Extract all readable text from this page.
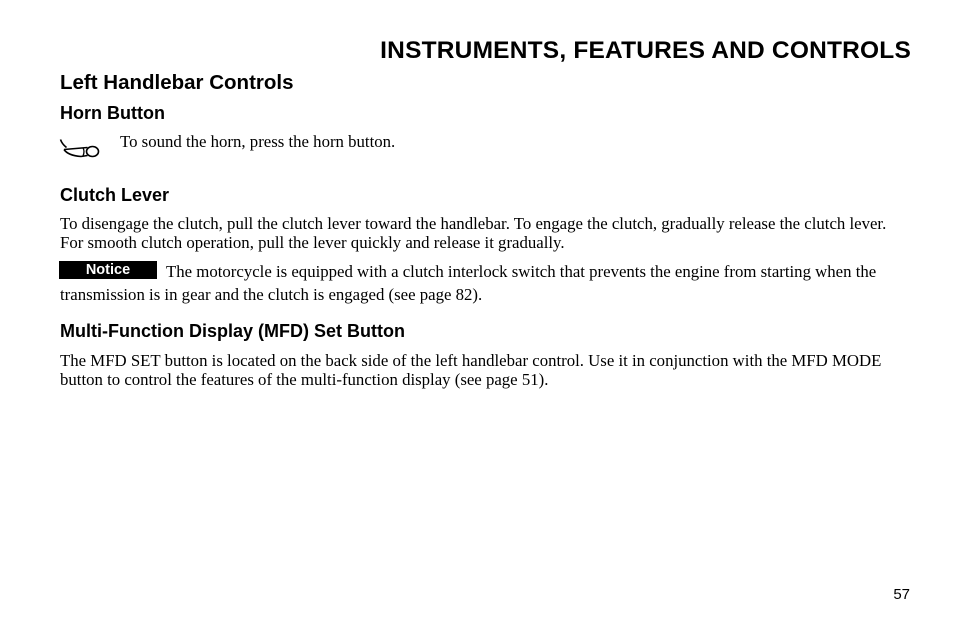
INSTRUMENTS, FEATURES AND CONTROLS
Left Handlebar Controls
Horn Button
To sound the horn, press the horn button.
Clutch Lever
To disengage the clutch, pull the clutch lever toward the handlebar. To engage the clutch, gradually release the clutch lever. For smooth clutch operation, pull the lever quickly and release it gradually.
The motorcycle is equipped with a clutch interlock switch that prevents the engine from starting when the transmission is in gear and the clutch is engaged (see page 82).
Notice
Multi-Function Display (MFD) Set Button
The MFD SET button is located on the back side of the left handlebar control. Use it in conjunction with the MFD MODE button to control the features of the multi-function display (see page 51).
57
